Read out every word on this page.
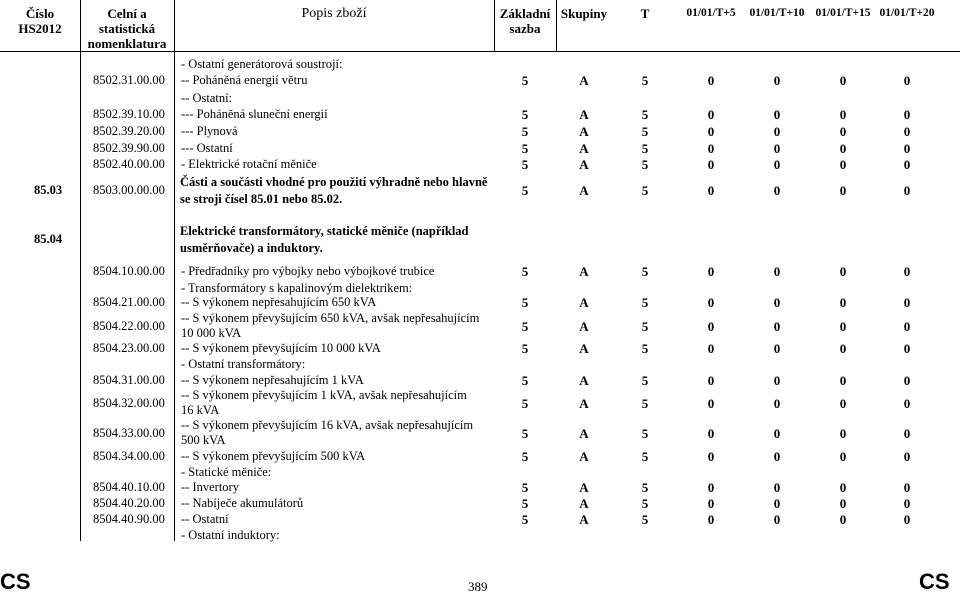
Číslo
HS2012
Celní a
statistická
nomenklatura
Popis zboží	Základní
sazba
Skupiny	T	01/01/T+5	01/01/T+10 01/01/T+15 01/01/T+20
- Ostatní generátorová soustrojí:
8502.31.00.00 -- Poháněná energií větru	5	A	5	0	0	0	0
-- Ostatní:
8502.39.10.00 --- Poháněná sluneční energií	5	A	5	0	0	0	0
8502.39.20.00 --- Plynová	5	A	5	0	0	0	0
8502.39.90.00 --- Ostatní	5	A	5	0	0	0	0
8502.40.00.00 - Elektrické rotační měniče	5	A	5	0	0	0	0
85.03 8503.00.00.00
Části a součásti vhodné pro použití výhradně nebo hlavně
se stroji čísel 85.01 nebo 85.02.
5	A	5	0	0	0	0
85.04
Elektrické transformátory, statické měniče (například
usměrňovače) a induktory.
8504.10.00.00 - Předřadníky pro výbojky nebo výbojkové trubice	5	A	5	0	0	0	0
- Transformátory s kapalinovým dielektrikem:
8504.21.00.00 -- S výkonem nepřesahujícím 650 kVA	5	A	5	0	0	0	0
8504.22.00.00
-- S výkonem převyšujícím 650 kVA, avšak nepřesahujícím
10 000 kVA	5	A	5	0	0	0	0
8504.23.00.00 -- S výkonem převyšujícím 10 000 kVA	5	A	5	0	0	0	0
- Ostatní transformátory:
8504.31.00.00 -- S výkonem nepřesahujícím 1 kVA	5	A	5	0	0	0	0
8504.32.00.00
-- S výkonem převyšujícím 1 kVA, avšak nepřesahujícím
16 kVA	5	A	5	0	0	0	0
8504.33.00.00
-- S výkonem převyšujícím 16 kVA, avšak nepřesahujícím
500 kVA	5	A	5	0	0	0	0
8504.34.00.00 -- S výkonem převyšujícím 500 kVA	5	A	5	0	0	0	0
- Statické měniče:
8504.40.10.00 -- Invertory	5	A	5	0	0	0	0
8504.40.20.00 -- Nabíječe akumulátorů	5	A	5	0	0	0	0
8504.40.90.00 -- Ostatní	5	A	5	0	0	0	0
- Ostatní induktory:
CS	389	CS
